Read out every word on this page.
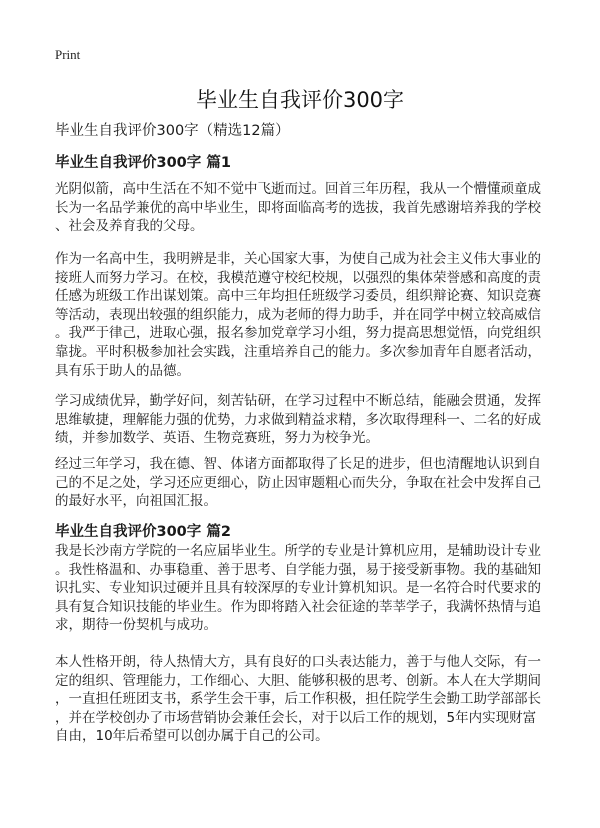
Print
毕业生自我评价300字
毕业生自我评价300字（精选12篇）
毕业生自我评价300字 篇1
光阴似箭，高中生活在不知不觉中飞逝而过。回首三年历程，我从一个懵懂顽童成
长为一名品学兼优的高中毕业生，即将面临高考的选拔，我首先感谢培养我的学校
、社会及养育我的父母。
作为一名高中生，我明辨是非，关心国家大事，为使自己成为社会主义伟大事业的
接班人而努力学习。在校，我模范遵守校纪校规，以强烈的集体荣誉感和高度的责
任感为班级工作出谋划策。高中三年均担任班级学习委员，组织辩论赛、知识竞赛
等活动，表现出较强的组织能力，成为老师的得力助手，并在同学中树立较高威信
。我严于律己，进取心强，报名参加党章学习小组，努力提高思想觉悟，向党组织
靠拢。平时积极参加社会实践，注重培养自己的能力。多次参加青年自愿者活动，
具有乐于助人的品德。
学习成绩优异，勤学好问，刻苦钻研，在学习过程中不断总结，能融会贯通，发挥
思维敏捷，理解能力强的优势，力求做到精益求精，多次取得理科一、二名的好成
绩，并参加数学、英语、生物竞赛班，努力为校争光。
经过三年学习，我在德、智、体诸方面都取得了长足的进步，但也清醒地认识到自
己的不足之处，学习还应更细心，防止因审题粗心而失分，争取在社会中发挥自己
的最好水平，向祖国汇报。
毕业生自我评价300字 篇2
我是长沙南方学院的一名应届毕业生。所学的专业是计算机应用，是辅助设计专业
。我性格温和、办事稳重、善于思考、自学能力强，易于接受新事物。我的基础知
识扎实、专业知识过硬并且具有较深厚的专业计算机知识。是一名符合时代要求的
具有复合知识技能的毕业生。作为即将踏入社会征途的莘莘学子，我满怀热情与追
求，期待一份契机与成功。
本人性格开朗，待人热情大方，具有良好的口头表达能力，善于与他人交际，有一
定的组织、管理能力，工作细心、大胆、能够积极的思考、创新。本人在大学期间
，一直担任班团支书，系学生会干事，后工作积极，担任院学生会勤工助学部部长
，并在学校创办了市场营销协会兼任会长，对于以后工作的规划，5年内实现财富
自由，10年后希望可以创办属于自己的公司。
